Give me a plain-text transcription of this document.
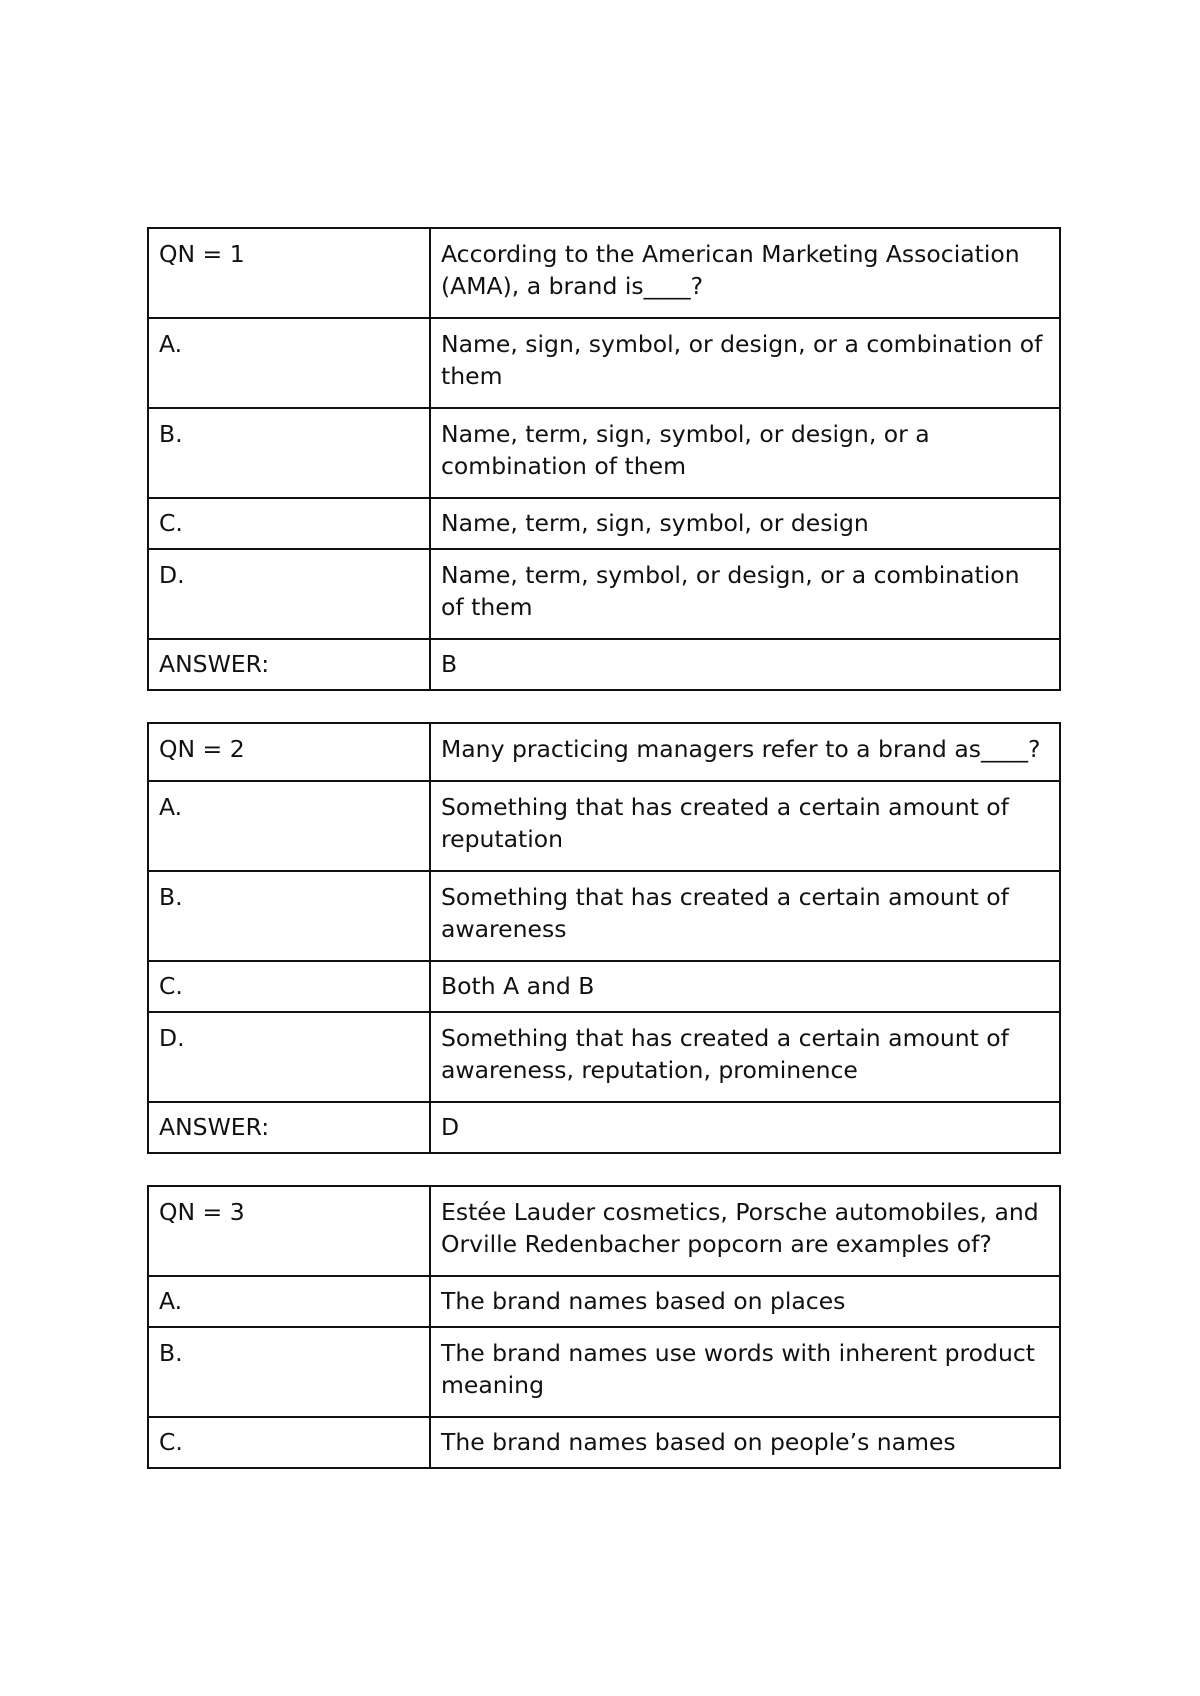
QN = 1	According to the American Marketing Association (AMA), a brand is____?
A.	Name, sign, symbol, or design, or a combination of them
B.	Name, term, sign, symbol, or design, or a combination of them
C.	Name, term, sign, symbol, or design
D.	Name, term, symbol, or design, or a combination of them
ANSWER:	B
QN = 2	Many practicing managers refer to a brand as____?
A.	Something that has created a certain amount of reputation
B.	Something that has created a certain amount of awareness
C.	Both A and B
D.	Something that has created a certain amount of awareness, reputation, prominence
ANSWER:	D
QN = 3	Estée Lauder cosmetics, Porsche automobiles, and Orville Redenbacher popcorn are examples of?
A.	The brand names based on places
B.	The brand names use words with inherent product meaning
C.	The brand names based on people’s names
